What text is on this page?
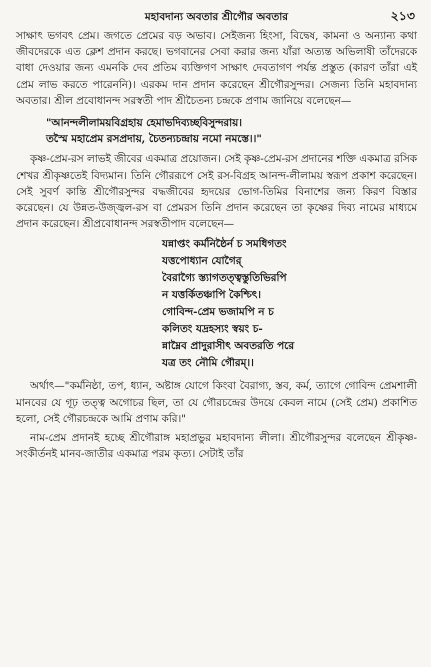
মহাবদান্য অবতার শ্রীগৌর অবতার	২১৩

সাক্ষাৎ ভগবৎ প্রেম। জগতে প্রেমের বড় অভাব। সেইজন্য হিংসা, বিদ্বেষ, কামনা ও অন্যান্য কথা জীবদেরকে এত ক্লেশ প্রদান করছে। ভগবানের সেবা করার জন্য যাঁরা অত্যন্ত অভিলাষী তাঁদেরকে বাধা দেওয়ার জন্য এমনকি দেব প্রতিম ব্যক্তিগণ সাক্ষাৎ দেবতাগণ পর্যন্ত প্রস্তুত (কারণ তাঁরা এই প্রেম লাভ করতে পারেননি)। এরকম দান প্রদান করেছেন শ্রীগৌরসুন্দর। সেজন্য তিনি মহাবদান্য অবতার। শ্রীল প্রবোধানন্দ সরস্বতী পাদ শ্রীচৈতন্য চন্দ্রকে প্রণাম জানিয়ে বলেছেন—

"আনন্দলীলাময়বিগ্রহায় হেমাভদিব্যচ্ছবিসুন্দরায়।
তস্মৈ মহাপ্রেম রসপ্রদায়, চৈতন্যচন্দ্রায় নমো নমস্তে।।"

কৃষ্ণ-প্রেম-রস লাভই জীবের একমাত্র প্রয়োজন। সেই কৃষ্ণ-প্রেম-রস প্রদানের শক্তি একমাত্র রসিক শেখর শ্রীকৃষ্ণতেই বিদ্যমান। তিনি গৌররূপে সেই রস-বিগ্রহ আনন্দ-লীলাময় স্বরূপ প্রকাশ করেছেন। সেই সুবর্ণ কান্তি শ্রীগৌরসুন্দর বদ্ধজীবের হৃদয়ের ভোগ-তিমির বিনাশের জন্য কিরণ বিস্তার করেছেন। যে উন্নত-উজ্জ্বল-রস বা প্রেমরস তিনি প্রদান করেছেন তা কৃষ্ণের দিব্য নামের মাধ্যমে প্রদান করেছেন। শ্রীপ্রবোধানন্দ সরস্বতীপাদ বলেছেন—

যন্নাপ্তং কর্মনিষ্ঠৈর্ন চ সমধিগতং
যত্তপোধ্যান যোগৈর্
বৈরাগ্যৈ স্ত্যাগতত্ত্বস্তুতিভিরপি
ন যত্তর্কিতঞ্চাপি কৈশ্চিৎ।
গোবিন্দ-প্রেম ভজামপি ন চ
কলিতং যদ্রহস্যং স্বয়ং চ-
ন্নাম্নৈব প্রাদুরাসীৎ অবতরতি পরে
যত্র তং নৌমি গৌরম্।।

অর্থাৎ—"কর্মনিষ্ঠা, তপ, ধ্যান, অষ্টাঙ্গ যোগে কিংবা বৈরাগ্য, স্তব, কর্ম, ত্যাগে গোবিন্দ প্রেমশালী মানবের যে গূঢ় তত্ত্ব অগোচর ছিল, তা যে গৌরচন্দ্রের উদয়ে কেবল নামে (সেই প্রেম) প্রকাশিত হলো, সেই গৌরচন্দ্রকে আমি প্রণাম করি।"

নাম-প্রেম প্রদানই হচ্ছে শ্রীগৌরাঙ্গ মহাপ্রভুর মহাবদান্য লীলা। শ্রীগৌরসুন্দর বলেছেন শ্রীকৃষ্ণ-সংকীর্তনই মানব-জাতীর একমাত্র পরম কৃত্য। সেটাই তাঁর
